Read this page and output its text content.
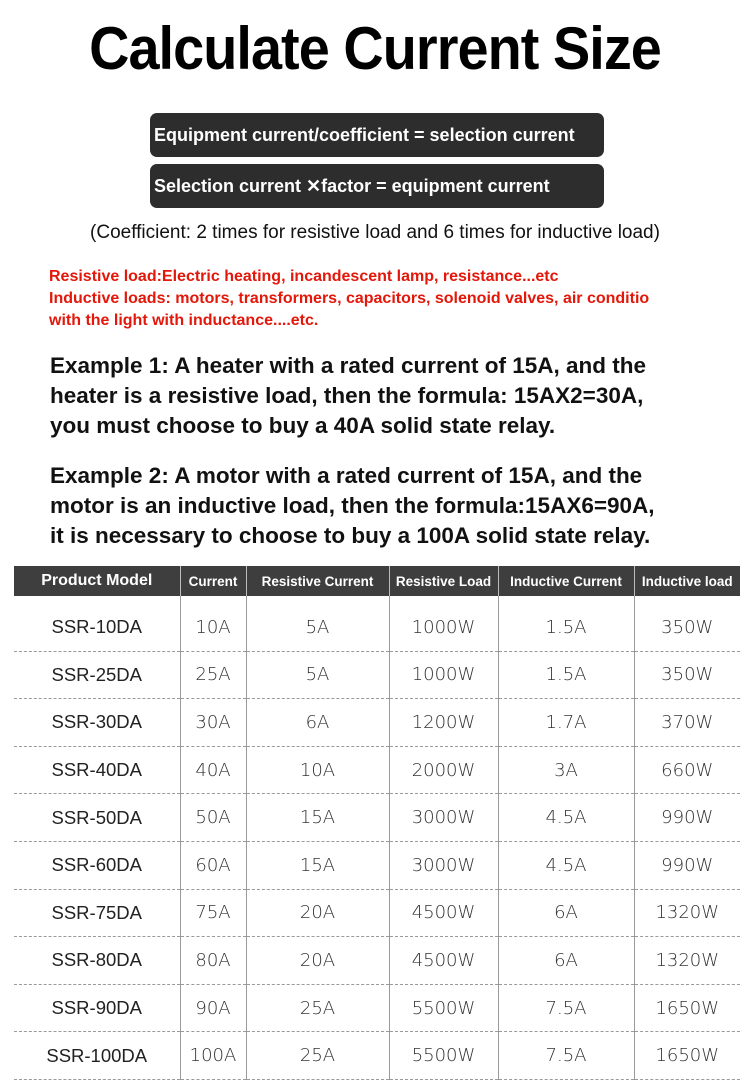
Calculate Current Size
Equipment current/coefficient = selection current
Selection current ✕factor = equipment current
(Coefficient: 2 times for resistive load and 6 times for inductive load)
Resistive load:Electric heating, incandescent lamp, resistance...etc
Inductive loads: motors, transformers, capacitors, solenoid valves, air conditio
with the light with inductance....etc.
Example 1: A heater with a rated current of 15A, and the
heater is a resistive load, then the formula: 15AX2=30A,
you must choose to buy a 40A solid state relay.
Example 2: A motor with a rated current of 15A, and the
motor is an inductive load, then the formula:15AX6=90A,
it is necessary to choose to buy a 100A solid state relay.
Product Model	Current	Resistive Current	Resistive Load	Inductive Current	Inductive load

SSR-10DA	10A	5A	1000W	1.5A	350W
SSR-25DA	25A	5A	1000W	1.5A	350W
SSR-30DA	30A	6A	1200W	1.7A	370W
SSR-40DA	40A	10A	2000W	3A	660W
SSR-50DA	50A	15A	3000W	4.5A	990W
SSR-60DA	60A	15A	3000W	4.5A	990W
SSR-75DA	75A	20A	4500W	6A	1320W
SSR-80DA	80A	20A	4500W	6A	1320W
SSR-90DA	90A	25A	5500W	7.5A	1650W
SSR-100DA	100A	25A	5500W	7.5A	1650W
